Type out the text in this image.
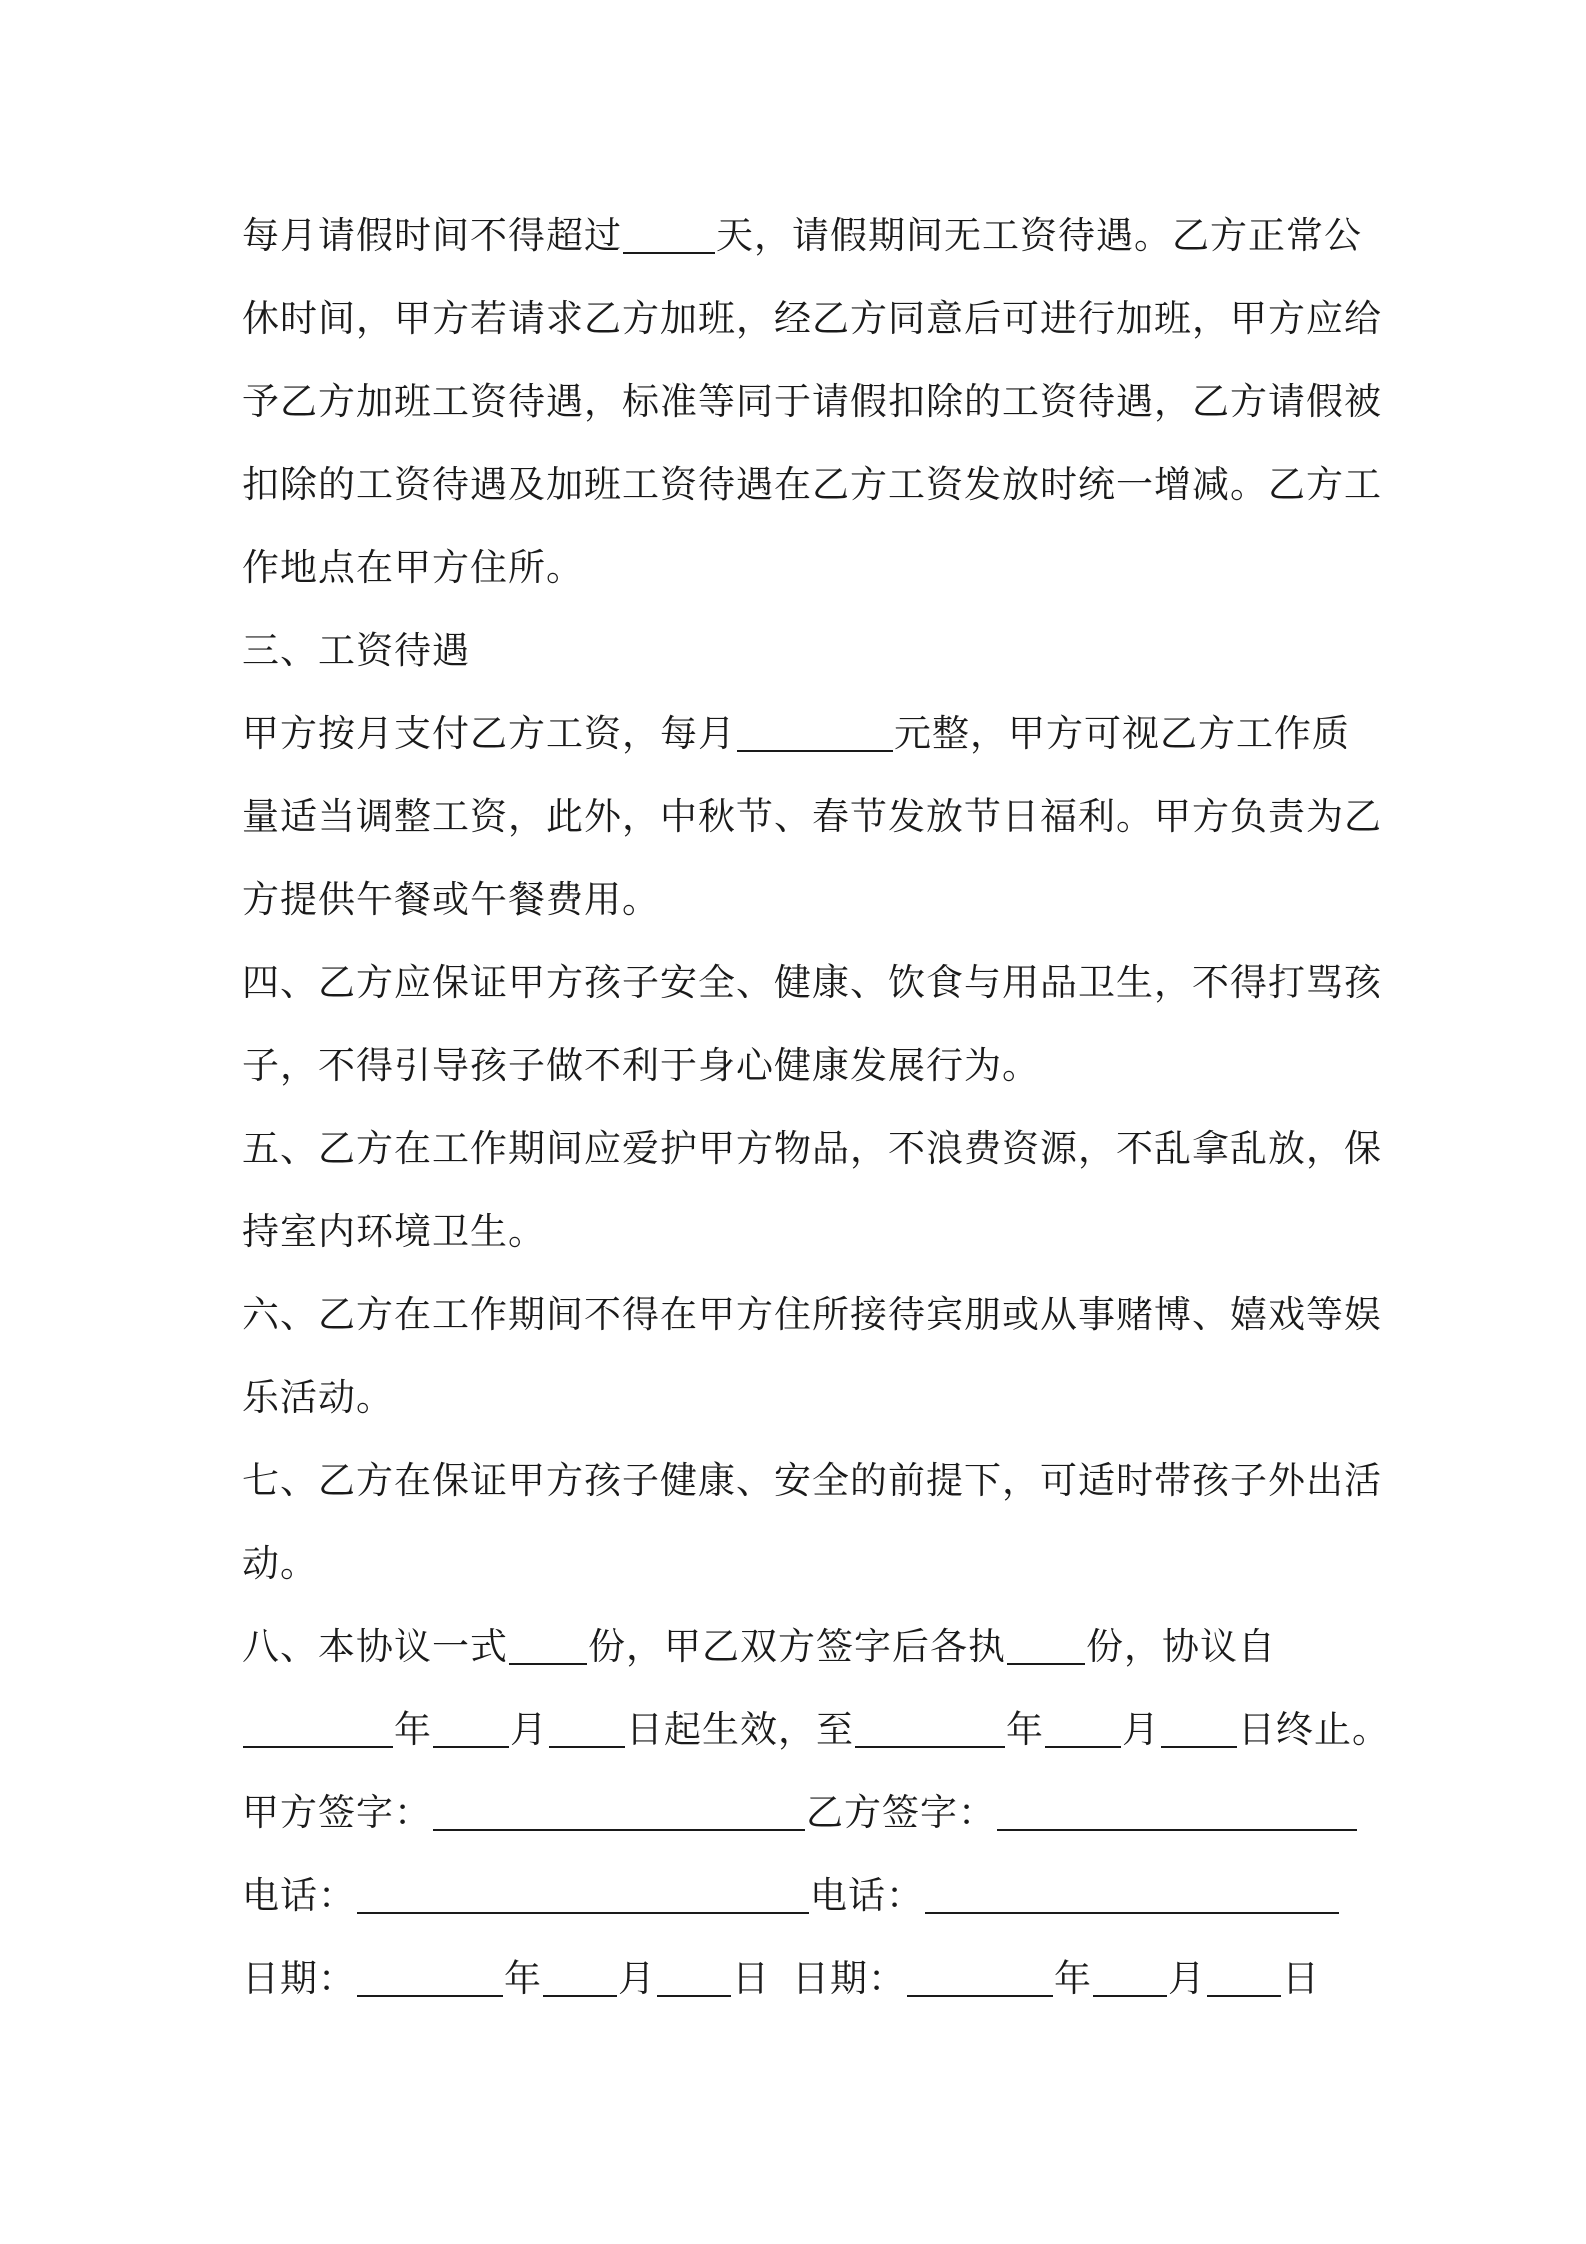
每月请假时间不得超过	天，请假期间无工资待遇。乙方正常公
休时间，甲方若请求乙方加班，经乙方同意后可进行加班，甲方应给
予乙方加班工资待遇，标准等同于请假扣除的工资待遇，乙方请假被
扣除的工资待遇及加班工资待遇在乙方工资发放时统一增减。乙方工
作地点在甲方住所。
三、工资待遇
甲方按月支付乙方工资，每月	元整，甲方可视乙方工作质
量适当调整工资，此外，中秋节、春节发放节日福利。甲方负责为乙
方提供午餐或午餐费用。
四、乙方应保证甲方孩子安全、健康、饮食与用品卫生，不得打骂孩
子，不得引导孩子做不利于身心健康发展行为。
五、乙方在工作期间应爱护甲方物品，不浪费资源，不乱拿乱放，保
持室内环境卫生。
六、乙方在工作期间不得在甲方住所接待宾朋或从事赌博、嬉戏等娱
乐活动。
七、乙方在保证甲方孩子健康、安全的前提下，可适时带孩子外出活
动。
八、本协议一式 份，甲乙双方签字后各执 份，协议自
年 月 日起生效，至	年 月 日终止。
甲方签字：	乙方签字：
电话：	电话：
日期：	年 月 日 日期：	年 月 日
